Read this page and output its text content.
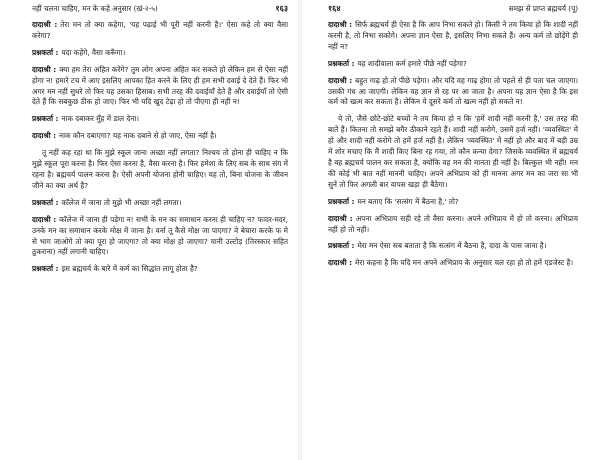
नहीं चलना चाहिए, मन के कहे अनुसार (खं-२-५)	१६३

दादाश्री : तेरा मन तो क्या कहेगा, 'यह पढ़ाई भी पूरी नहीं करनी है।' ऐसा कहे तो क्या वैसा करेगा?

प्रश्नकर्ता : यदा कहेंगे, वैसा करूँगा।

दादाश्री : क्या हम तेरा अहित करेंगे? तुम लोग अपना अहित कर सकते हो लेकिन हम से ऐसा नहीं होगा न! हमारे टच में आए इसलिए आपका हित करने के लिए ही हम सभी दवाई दे देते हैं। फिर भी अगर मन नहीं सुधरे तो फिर यह उसका हिसाब। सभी तरह की दवाईयाँ देते हैं और दवाईयाँ तो ऐसी देते हैं कि सबकुछ ठीक हो जाए। फिर भी यदि खुद टेढ़ा हो तो पीएगा ही नहीं न!

प्रश्नकर्ता : नाक दबाकर मुँह में डाल देना।

दादाश्री : नाक कौन दबाएगा? यह नाक दबाने से हो जाए, ऐसा नहीं है।

तू नहीं कह रहा था कि मुझे स्कूल जाना अच्छा नहीं लगता? निश्चय तो होना ही चाहिए न कि मुझे स्कूल पूरा करना है। फिर ऐसा करना है, वैसा करना है। फिर हमेशा के लिए सब के साथ संग में रहना है। ब्रह्मचर्य पालन करना है। ऐसी अपनी योजना होनी चाहिए। यह तो, बिना योजना के जीवन जीने का क्या अर्थ है?

प्रश्नकर्ता : कॉलेज में जाना तो मुझे भी अच्छा नहीं लगता।

दादाश्री : कॉलेज में जाना ही पड़ेगा न! सभी के मन का समाधान करना ही चाहिए न? फादर-मदर, उनके मन का समाधान करके मोक्ष में जाना है। वर्ना तू कैसे मोक्ष जा पाएगा? वे बेचारा करके फ मे से भाग जाओगे तो क्या पूरा हो जाएगा? तो क्या मोक्ष हो जाएगा? यानी उल्टोड़ (तिरस्कार सहित ठुकराना) नहीं लगानी चाहिए।

प्रश्नकर्ता : इस ब्रह्मचर्य के बारे में कर्म का सिद्धांत लागू होता है?

१६४	समझ से प्राप्त ब्रह्मचर्य (पू)

दादाश्री : सिर्फ ब्रह्मचर्य ही ऐसा है कि आप निभा सकते हो। किसी ने तय किया हो कि शादी नहीं करनी है, तो निभा सकोगे। अपना ज्ञान ऐसा है, इसलिए निभा सकते हैं। अन्य कर्म तो छोड़ेंगे ही नहीं न?

प्रश्नकर्ता : यह शादीवाला कर्म हमारे पीछे नहीं पड़ेगा?

दादाश्री : बहुत गाढ़ हो तो पीछे पड़ेगा। और यदि वह गाढ़ होगा तो पहले से ही पता चल जाएगा। उसकी गंध आ जाएगी। लेकिन वह ज्ञान से रह पर आ जाता है। अपना यह ज्ञान ऐसा है कि इस कर्म को खत्म कर सकता है। लेकिन ये दूसरे कर्म तो खत्म नहीं हो सकते न!

ये तो, जैसे छोटे-छोटे बच्चों ने तय किया हो न कि 'हमें शादी नहीं करनी है,' उस तरह की बातें हैं। कितना तो समझे बगैर ठीकाने रहते हैं। शादी नहीं करोगे, उसमें हर्ज नहीं। 'व्यवस्थित' में हो और शादी नहीं करोगे तो हमें हर्ज नहीं है। लेकिन 'व्यवस्थित' में नहीं हो और बाद में बड़ी उम्र में शोर मचाए कि मैं शादी किए बिना रह गया, तो कौन कन्या देगा? जिसके व्यवस्थित में ब्रह्मचर्य है वह ब्रह्मचर्य पालन कर सकता है, क्योंकि वह मन की मानता ही नहीं है। बिल्कुल भी नहीं! मन की कोई भी बात नहीं माननी चाहिए। अपने अभिप्राय को ही मानना अगर मन का जरा सा भी सुनें तो फिर अगली बार वापस खड़ा ही बैठेगा।

प्रश्नकर्ता : मन बताए कि 'सत्संग में बैठना है,' तो?

दादाश्री : अपना अभिप्राय सही रहे तो वैसा करना। अपने अभिप्राय में हो तो करना। अभिप्राय नहीं हो तो नहीं।

प्रश्नकर्ता : मेरा मन ऐसा सब बताता है कि सत्संग में बैठना है, दादा के पास जाना है।

दादाश्री : मेरा कहना है कि यदि मन अपने अभिप्राय के अनुसार चल रहा हो तो हमें एडजेस्ट है।
